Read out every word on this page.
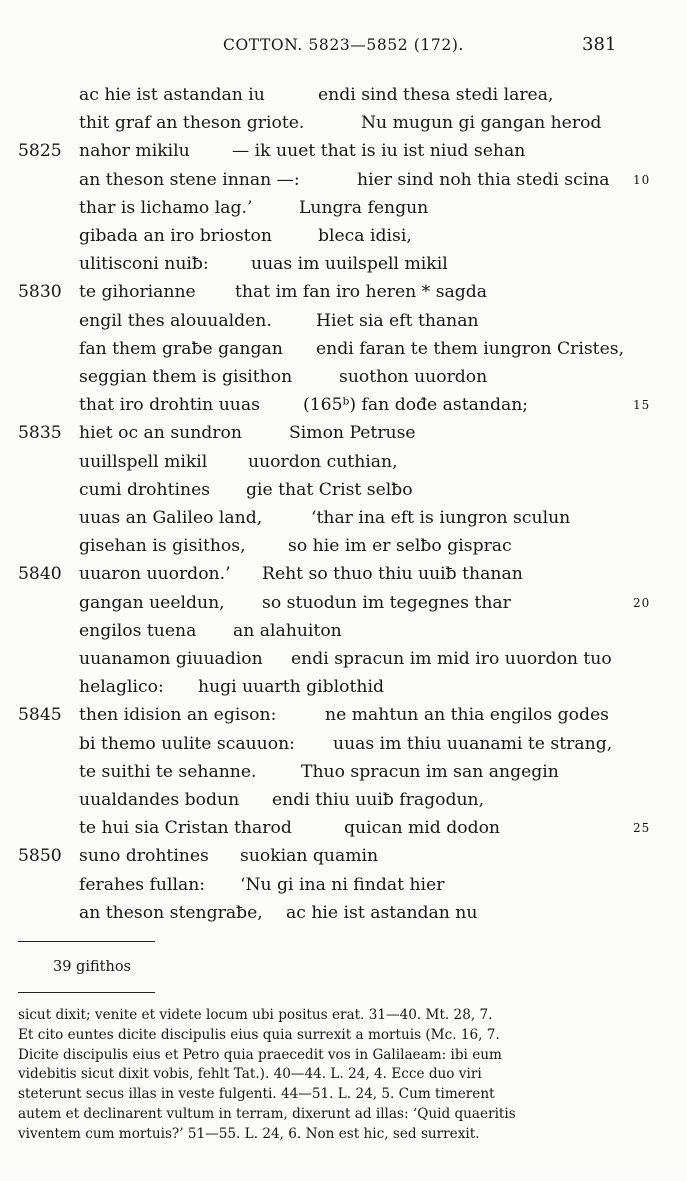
COTTON. 5823—5852 (172).	381
ac hie ist astandan iu	endi sind thesa stedi larea,
thit graf an theson griote.	Nu mugun gi gangan herod
5825 nahor mikilu — ik uuet that is iu ist niud sehan
an theson stene innan —:	hier sind noh thia stedi scina 10
thar is lichamo lag.’	Lungra fengun
gibada an iro brioston	bleca idisi,
ulitisconi nuiƀ: uuas im uuilspell mikil
5830 te gihorianne that im fan iro heren * sagda
engil thes alouualden.	Hiet sia eft thanan
fan them graƀe gangan endi faran te them iungron Cristes,
seggian them is gisithon	suothon uuordon
that iro drohtin uuas	(165ᵇ) fan dođe astandan;	15
5835 hiet oc an sundron	Simon Petruse
uuillspell mikil uuordon cuthian,
cumi drohtines gie that Crist selƀo
uuas an Galileo land,	‘thar ina eft is iungron sculun
gisehan is gisithos, so hie im er selƀo gisprac
5840 uuaron uuordon.’ Reht so thuo thiu uuiƀ thanan
gangan ueeldun, so stuodun im tegegnes thar	20
engilos tuena an alahuiton
uuanamon giuuadion endi spracun im mid iro uuordon tuo
helaglico: hugi uuarth giblothid
5845 then idision an egison:	ne mahtun an thia engilos godes
bi themo uulite scauuon: uuas im thiu uuanami te strang,
te suithi te sehanne.	Thuo spracun im san angegin
uualdandes bodun endi thiu uuiƀ fragodun,
te hui sia Cristan tharod	quican mid dodon	25
5850 suno drohtines suokian quamin
ferahes fullan: ‘Nu gi ina ni findat hier
an theson stengraƀe, ac hie ist astandan nu
39 gifithos
sicut dixit; venite et videte locum ubi positus erat. 31—40. Mt. 28, 7.
Et cito euntes dicite discipulis eius quia surrexit a mortuis (Mc. 16, 7.
Dicite discipulis eius et Petro quia praecedit vos in Galilaeam: ibi eum
videbitis sicut dixit vobis, fehlt Tat.). 40—44. L. 24, 4. Ecce duo viri
steterunt secus illas in veste fulgenti. 44—51. L. 24, 5. Cum timerent
autem et declinarent vultum in terram, dixerunt ad illas: ‘Quid quaeritis
viventem cum mortuis?’ 51—55. L. 24, 6. Non est hic, sed surrexit.
